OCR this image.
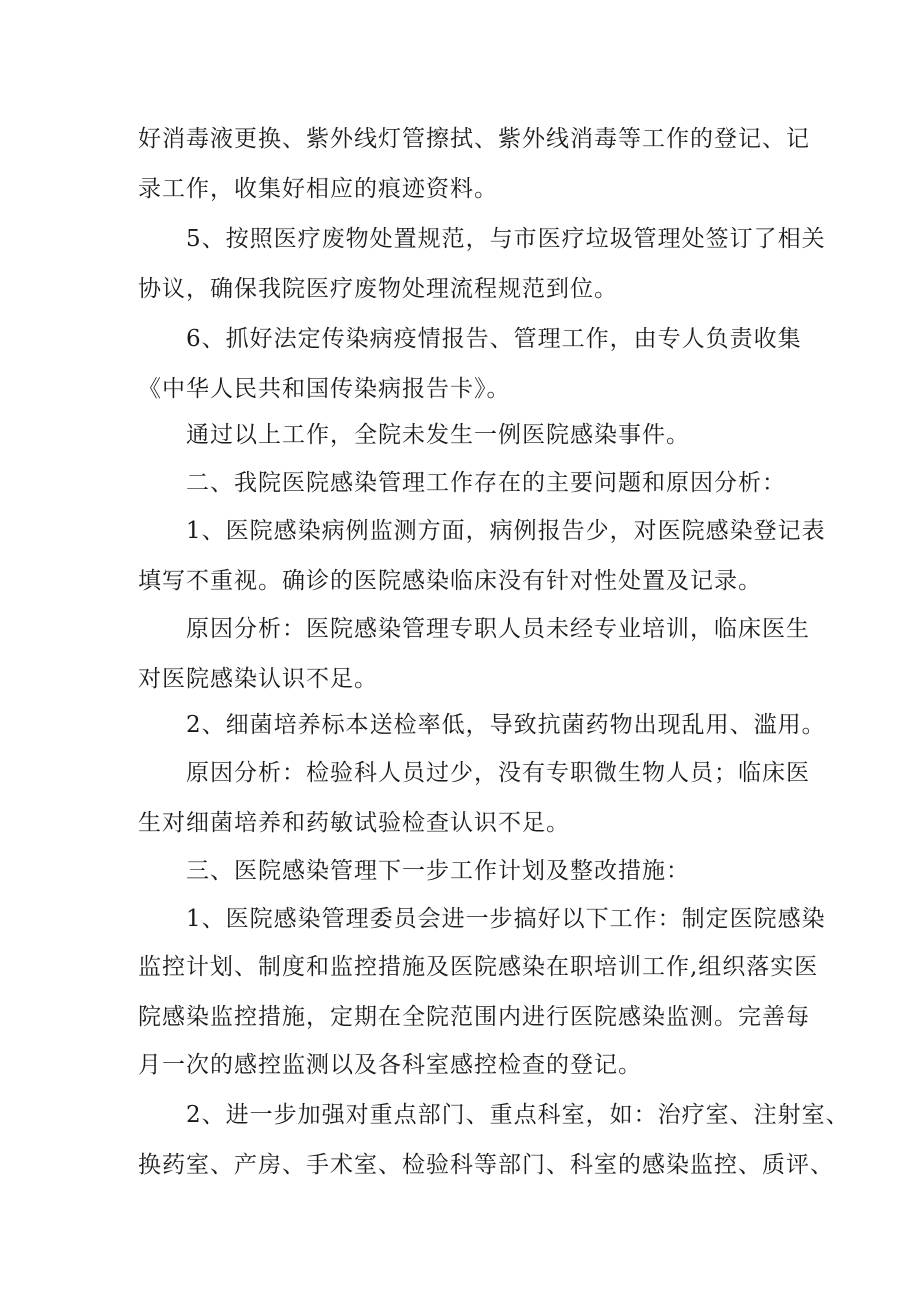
好消毒液更换、紫外线灯管擦拭、紫外线消毒等工作的登记、记
录工作，收集好相应的痕迹资料。
5、按照医疗废物处置规范，与市医疗垃圾管理处签订了相关
协议，确保我院医疗废物处理流程规范到位。
6、抓好法定传染病疫情报告、管理工作，由专人负责收集
《中华人民共和国传染病报告卡》。
通过以上工作，全院未发生一例医院感染事件。
二、我院医院感染管理工作存在的主要问题和原因分析：
1、医院感染病例监测方面，病例报告少，对医院感染登记表
填写不重视。确诊的医院感染临床没有针对性处置及记录。
原因分析：医院感染管理专职人员未经专业培训，临床医生
对医院感染认识不足。
2、细菌培养标本送检率低，导致抗菌药物出现乱用、滥用。
原因分析：检验科人员过少，没有专职微生物人员；临床医
生对细菌培养和药敏试验检查认识不足。
三、医院感染管理下一步工作计划及整改措施：
1、医院感染管理委员会进一步搞好以下工作：制定医院感染
监控计划、制度和监控措施及医院感染在职培训工作,组织落实医
院感染监控措施，定期在全院范围内进行医院感染监测。完善每
月一次的感控监测以及各科室感控检查的登记。
2、进一步加强对重点部门、重点科室，如：治疗室、注射室、
换药室、产房、手术室、检验科等部门、科室的感染监控、质评、
